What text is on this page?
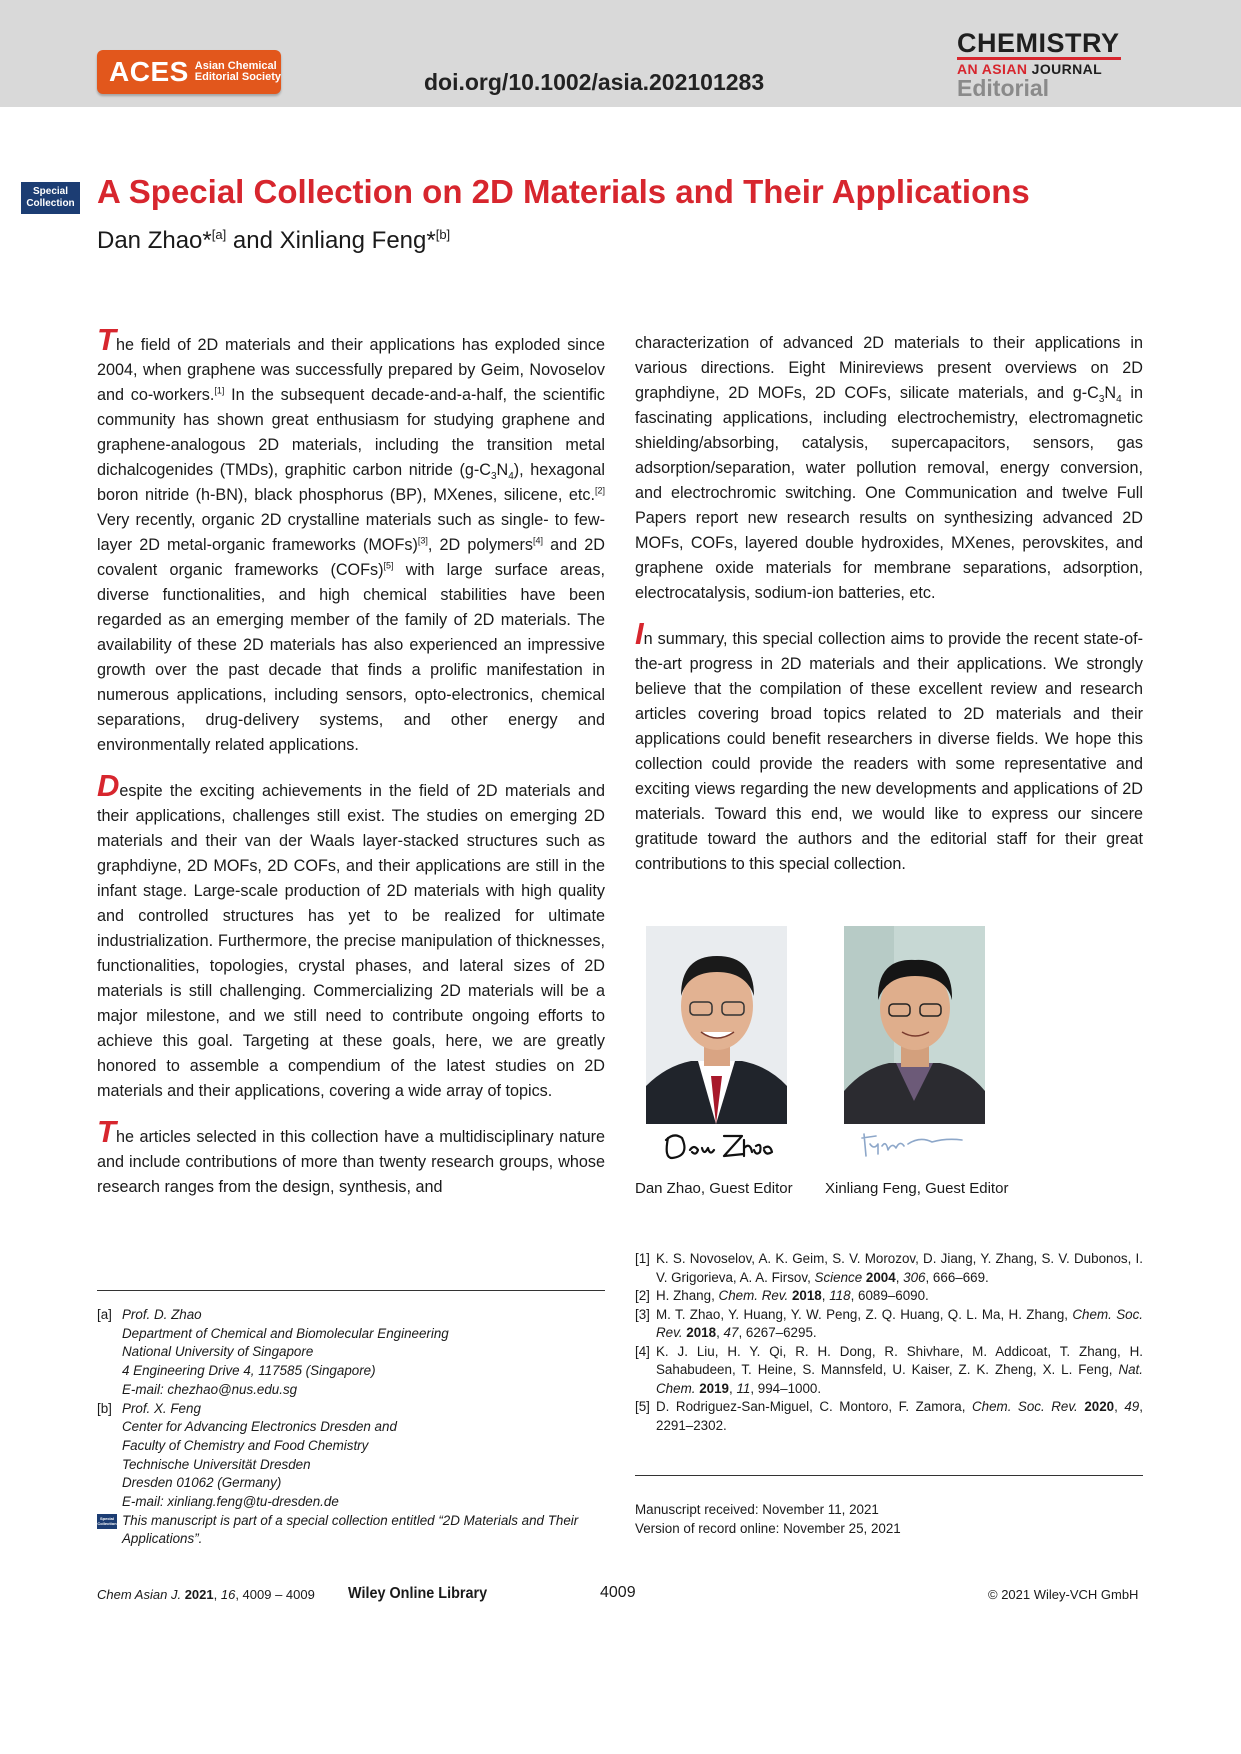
ACES Asian Chemical
Editorial Society	doi.org/10.1002/asia.202101283
CHEMISTRY
AN ASIAN JOURNAL
Editorial
Special
Collection A Special Collection on 2D Materials and Their Applications
Dan Zhao*[a] and Xinliang Feng*[b]

The field of 2D materials and their applications has exploded since 2004, when graphene was successfully prepared by Geim, Novoselov and co-workers.[1] In the subsequent decade-and-a-half, the scientific community has shown great enthusiasm for studying graphene and graphene-analogous 2D materials, including the transition metal dichalcogenides (TMDs), graphitic carbon nitride $(g-C_3N_4)$, hexagonal boron nitride (h-BN), black phosphorus (BP), MXenes, silicene, etc.[2] Very recently, organic 2D crystalline materials such as single- to few-layer 2D metal-organic frameworks (MOFs)[3], 2D polymers[4] and 2D covalent organic frameworks (COFs)[5] with large surface areas, diverse functionalities, and high chemical stabilities have been regarded as an emerging member of the family of 2D materials. The availability of these 2D materials has also experienced an impressive growth over the past decade that finds a prolific manifestation in numerous applications, including sensors, opto-electronics, chemical separations, drug-delivery systems, and other energy and environmentally related applications.

Despite the exciting achievements in the field of 2D materials and their applications, challenges still exist. The studies on emerging 2D materials and their van der Waals layer-stacked structures such as graphdiyne, 2D MOFs, 2D COFs, and their applications are still in the infant stage. Large-scale production of 2D materials with high quality and controlled structures has yet to be realized for ultimate industrialization. Furthermore, the precise manipulation of thicknesses, functionalities, topologies, crystal phases, and lateral sizes of 2D materials is still challenging. Commercializing 2D materials will be a major milestone, and we still need to contribute ongoing efforts to achieve this goal. Targeting at these goals, here, we are greatly honored to assemble a compendium of the latest studies on 2D materials and their applications, covering a wide array of topics.

The articles selected in this collection have a multidisciplinary nature and include contributions of more than twenty research groups, whose research ranges from the design, synthesis, and

characterization of advanced 2D materials to their applications in various directions. Eight Minireviews present overviews on 2D graphdiyne, 2D MOFs, 2D COFs, silicate materials, and $g-C_3N_4$ in fascinating applications, including electrochemistry, electromagnetic shielding/absorbing, catalysis, supercapacitors, sensors, gas adsorption/separation, water pollution removal, energy conversion, and electrochromic switching. One Communication and twelve Full Papers report new research results on synthesizing advanced 2D MOFs, COFs, layered double hydroxides, MXenes, perovskites, and graphene oxide materials for membrane separations, adsorption, electrocatalysis, sodium-ion batteries, etc.

In summary, this special collection aims to provide the recent state-of-the-art progress in 2D materials and their applications. We strongly believe that the compilation of these excellent review and research articles covering broad topics related to 2D materials and their applications could benefit researchers in diverse fields. We hope this collection could provide the readers with some representative and exciting views regarding the new developments and applications of 2D materials. Toward this end, we would like to express our sincere gratitude toward the authors and the editorial staff for their great contributions to this special collection.

Dan Zhao, Guest Editor Xinliang Feng, Guest Editor
[a] Prof. D. Zhao
Department of Chemical and Biomolecular Engineering
National University of Singapore
4 Engineering Drive 4, 117585 (Singapore)
E-mail: chezhao@nus.edu.sg
[b] Prof. X. Feng
Center for Advancing Electronics Dresden and
Faculty of Chemistry and Food Chemistry
Technische Universität Dresden
Dresden 01062 (Germany)
E-mail: xinliang.feng@tu-dresden.de
Special
Collection This manuscript is part of a special collection entitled “2D Materials and Their Applications”.
[1] K. S. Novoselov, A. K. Geim, S. V. Morozov, D. Jiang, Y. Zhang, S. V. Dubonos, I. V. Grigorieva, A. A. Firsov, Science 2004, 306, 666–669.
[2] H. Zhang, Chem. Rev. 2018, 118, 6089–6090.
[3] M. T. Zhao, Y. Huang, Y. W. Peng, Z. Q. Huang, Q. L. Ma, H. Zhang, Chem. Soc. Rev. 2018, 47, 6267–6295.
[4] K. J. Liu, H. Y. Qi, R. H. Dong, R. Shivhare, M. Addicoat, T. Zhang, H. Sahabudeen, T. Heine, S. Mannsfeld, U. Kaiser, Z. K. Zheng, X. L. Feng, Nat. Chem. 2019, 11, 994–1000.
[5] D. Rodriguez-San-Miguel, C. Montoro, F. Zamora, Chem. Soc. Rev. 2020, 49, 2291–2302.
Manuscript received: November 11, 2021
Version of record online: November 25, 2021
Chem Asian J. 2021, 16, 4009 – 4009 Wiley Online Library	4009	© 2021 Wiley-VCH GmbH
